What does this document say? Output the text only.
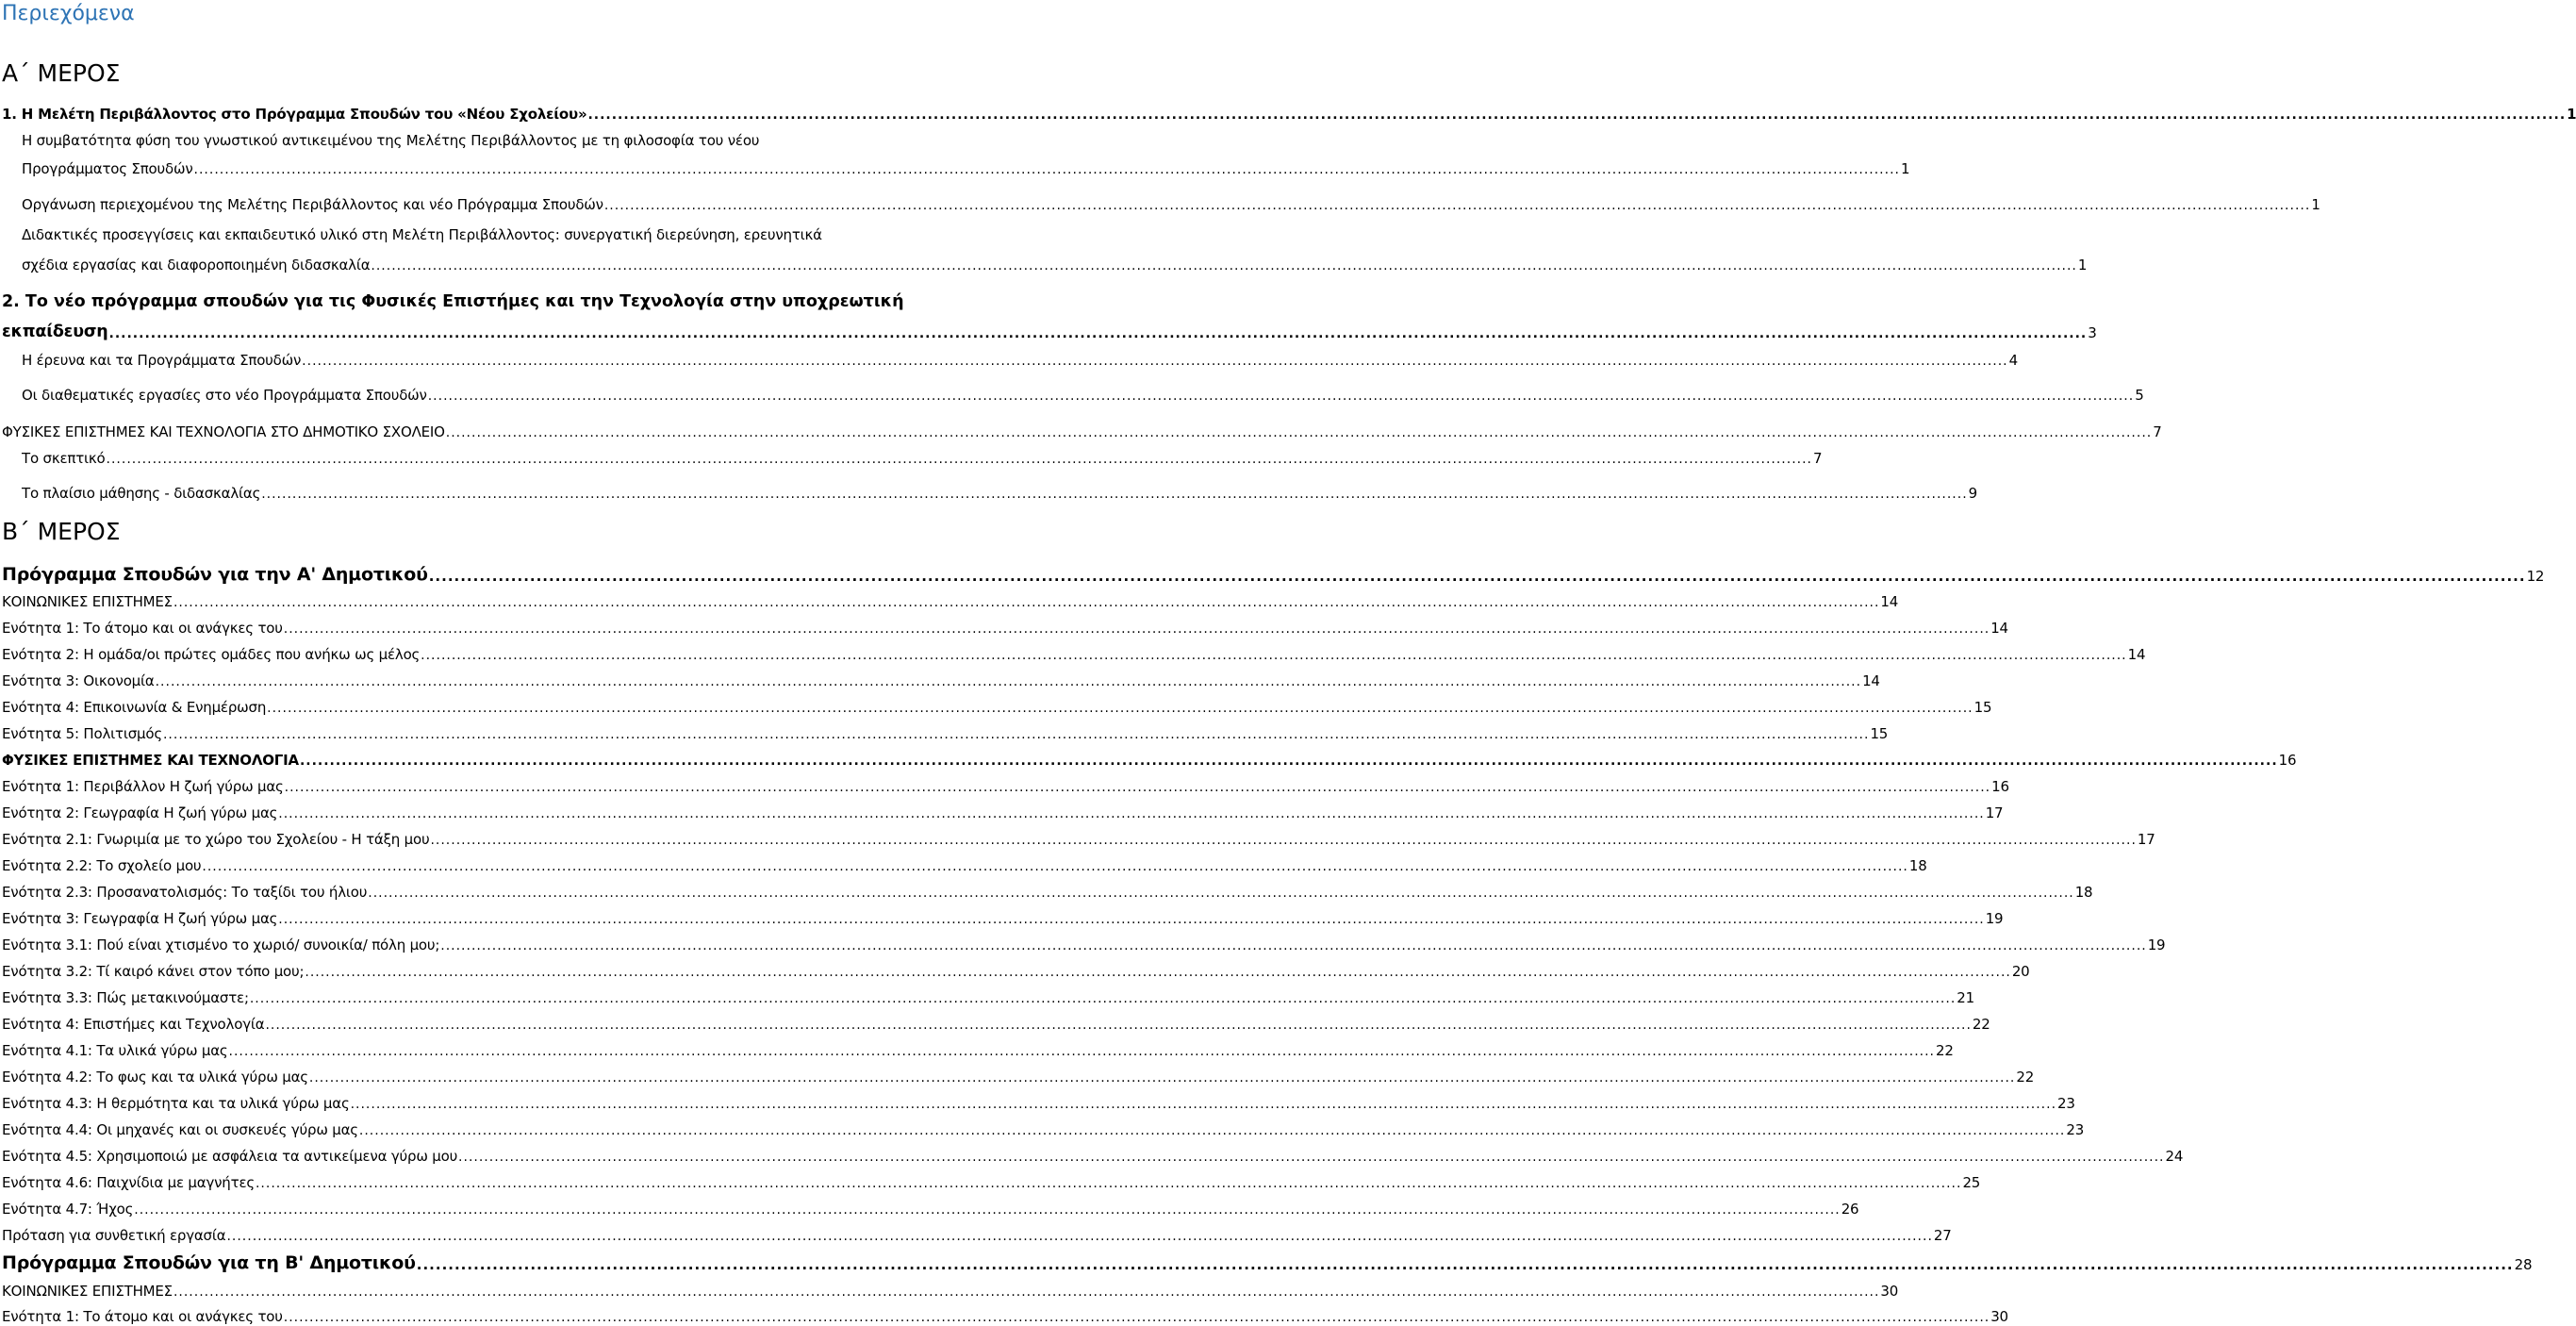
Περιεχόμενα
Α΄ ΜΕΡΟΣ
1. Η Μελέτη Περιβάλλοντος στο Πρόγραμμα Σπουδών του «Νέου Σχολείου» ............................................................................................................................................................................................................................................................................................................................................ 1
Η συμβατότητα φύση του γνωστικού αντικειμένου της Μελέτης Περιβάλλοντος με τη φιλοσοφία του νέου
Προγράμματος Σπουδών ............................................................................................................................................................................................................................................................................................................................................ 1
Οργάνωση περιεχομένου της Μελέτης Περιβάλλοντος και νέο Πρόγραμμα Σπουδών ............................................................................................................................................................................................................................................................................................................................................ 1
Διδακτικές προσεγγίσεις και εκπαιδευτικό υλικό στη Μελέτη Περιβάλλοντος: συνεργατική διερεύνηση, ερευνητικά
σχέδια εργασίας και διαφοροποιημένη διδασκαλία ............................................................................................................................................................................................................................................................................................................................................ 1
2. Το νέο πρόγραμμα σπουδών για τις Φυσικές Επιστήμες και την Τεχνολογία στην υποχρεωτική
εκπαίδευση ............................................................................................................................................................................................................................................................................................................................................ 3
Η έρευνα και τα Προγράμματα Σπουδών ............................................................................................................................................................................................................................................................................................................................................ 4
Οι διαθεματικές εργασίες στο νέο Προγράμματα Σπουδών ............................................................................................................................................................................................................................................................................................................................................ 5
ΦΥΣΙΚΕΣ ΕΠΙΣΤΗΜΕΣ ΚΑΙ ΤΕΧΝΟΛΟΓΙΑ ΣΤΟ ΔΗΜΟΤΙΚΟ ΣΧΟΛΕΙΟ ............................................................................................................................................................................................................................................................................................................................................ 7
Το σκεπτικό ............................................................................................................................................................................................................................................................................................................................................ 7
Το πλαίσιο μάθησης - διδασκαλίας ............................................................................................................................................................................................................................................................................................................................................ 9
Β΄ ΜΕΡΟΣ
Πρόγραμμα Σπουδών για την Α' Δημοτικού ............................................................................................................................................................................................................................................................................................................................................ 12
ΚΟΙΝΩΝΙΚΕΣ ΕΠΙΣΤΗΜΕΣ ............................................................................................................................................................................................................................................................................................................................................ 14
Ενότητα 1: Το άτομο και οι ανάγκες του ............................................................................................................................................................................................................................................................................................................................................ 14
Ενότητα 2: Η ομάδα/οι πρώτες ομάδες που ανήκω ως μέλος ............................................................................................................................................................................................................................................................................................................................................ 14
Ενότητα 3: Οικονομία ............................................................................................................................................................................................................................................................................................................................................ 14
Ενότητα 4: Επικοινωνία & Ενημέρωση ............................................................................................................................................................................................................................................................................................................................................ 15
Ενότητα 5: Πολιτισμός ............................................................................................................................................................................................................................................................................................................................................ 15
ΦΥΣΙΚΕΣ ΕΠΙΣΤΗΜΕΣ ΚΑΙ ΤΕΧΝΟΛΟΓΙΑ ............................................................................................................................................................................................................................................................................................................................................ 16
Ενότητα 1: Περιβάλλον Η ζωή γύρω μας ............................................................................................................................................................................................................................................................................................................................................ 16
Ενότητα 2: Γεωγραφία Η ζωή γύρω μας ............................................................................................................................................................................................................................................................................................................................................ 17
Ενότητα 2.1: Γνωριμία με το χώρο του Σχολείου - Η τάξη μου ............................................................................................................................................................................................................................................................................................................................................ 17
Ενότητα 2.2: Το σχολείο μου ............................................................................................................................................................................................................................................................................................................................................ 18
Ενότητα 2.3: Προσανατολισμός: Το ταξίδι του ήλιου ............................................................................................................................................................................................................................................................................................................................................ 18
Ενότητα 3: Γεωγραφία Η ζωή γύρω μας ............................................................................................................................................................................................................................................................................................................................................ 19
Ενότητα 3.1: Πού είναι χτισμένο το χωριό/ συνοικία/ πόλη μου; ............................................................................................................................................................................................................................................................................................................................................ 19
Ενότητα 3.2: Τί καιρό κάνει στον τόπο μου; ............................................................................................................................................................................................................................................................................................................................................ 20
Ενότητα 3.3: Πώς μετακινούμαστε; ............................................................................................................................................................................................................................................................................................................................................ 21
Ενότητα 4: Επιστήμες και Τεχνολογία ............................................................................................................................................................................................................................................................................................................................................ 22
Ενότητα 4.1: Τα υλικά γύρω μας ............................................................................................................................................................................................................................................................................................................................................ 22
Ενότητα 4.2: Το φως και τα υλικά γύρω μας ............................................................................................................................................................................................................................................................................................................................................ 22
Ενότητα 4.3: Η θερμότητα και τα υλικά γύρω μας ............................................................................................................................................................................................................................................................................................................................................ 23
Ενότητα 4.4: Οι μηχανές και οι συσκευές γύρω μας ............................................................................................................................................................................................................................................................................................................................................ 23
Ενότητα 4.5: Χρησιμοποιώ με ασφάλεια τα αντικείμενα γύρω μου ............................................................................................................................................................................................................................................................................................................................................ 24
Ενότητα 4.6: Παιχνίδια με μαγνήτες ............................................................................................................................................................................................................................................................................................................................................ 25
Ενότητα 4.7: Ήχος ............................................................................................................................................................................................................................................................................................................................................ 26
Πρόταση για συνθετική εργασία ............................................................................................................................................................................................................................................................................................................................................ 27
Πρόγραμμα Σπουδών για τη Β' Δημοτικού ............................................................................................................................................................................................................................................................................................................................................ 28
ΚΟΙΝΩΝΙΚΕΣ ΕΠΙΣΤΗΜΕΣ ............................................................................................................................................................................................................................................................................................................................................ 30
Ενότητα 1: Το άτομο και οι ανάγκες του ............................................................................................................................................................................................................................................................................................................................................ 30
